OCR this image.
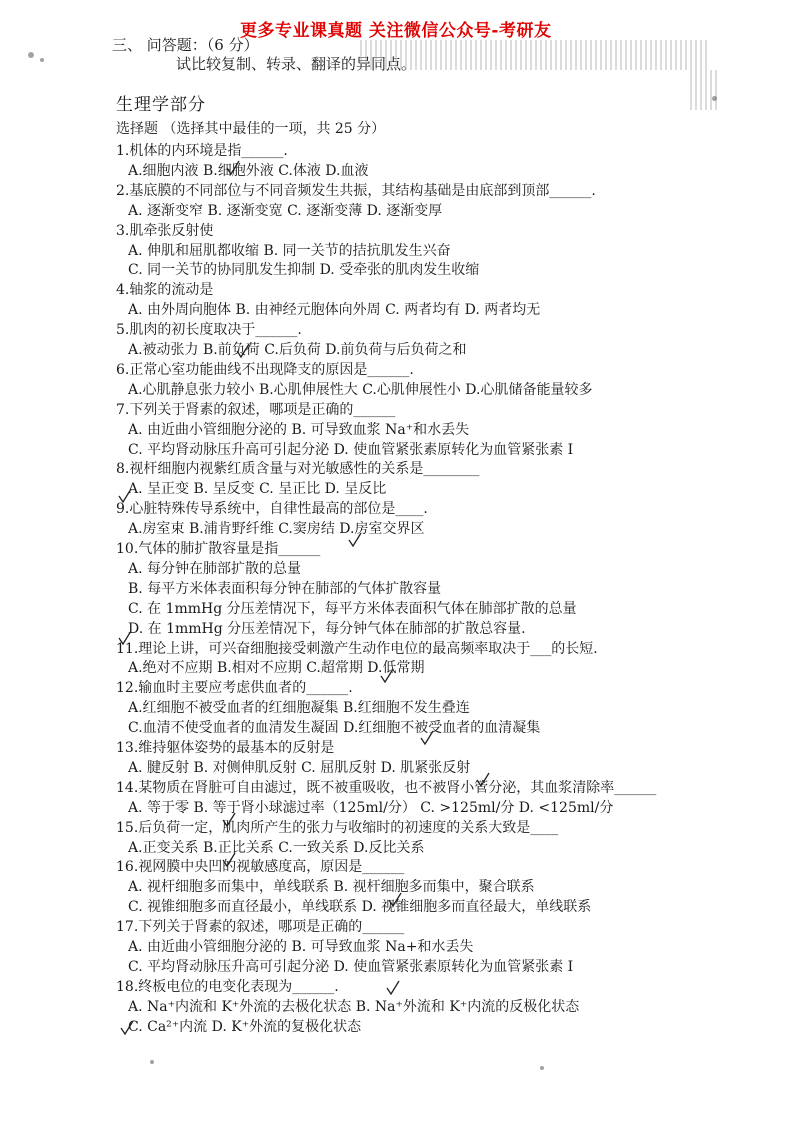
更多专业课真题 关注微信公众号-考研友
三、 问答题：（6 分）
试比较复制、转录、翻译的异同点。
生理学部分
选择题 （选择其中最佳的一项，共 25 分）
1.机体的内环境是指______.
A.细胞内液 B.细胞外液 C.体液 D.血液
2.基底膜的不同部位与不同音频发生共振，其结构基础是由底部到顶部______.
A. 逐渐变窄 B. 逐渐变宽 C. 逐渐变薄 D. 逐渐变厚
3.肌牵张反射使
A. 伸肌和屈肌都收缩 B. 同一关节的拮抗肌发生兴奋
C. 同一关节的协同肌发生抑制 D. 受牵张的肌肉发生收缩
4.轴浆的流动是
A. 由外周向胞体 B. 由神经元胞体向外周 C. 两者均有 D. 两者均无
5.肌肉的初长度取决于______.
A.被动张力 B.前负荷 C.后负荷 D.前负荷与后负荷之和
6.正常心室功能曲线不出现降支的原因是______.
A.心肌静息张力较小 B.心肌伸展性大 C.心肌伸展性小 D.心肌储备能量较多
7.下列关于肾素的叙述，哪项是正确的______
A. 由近曲小管细胞分泌的 B. 可导致血浆 Na⁺和水丢失
C. 平均肾动脉压升高可引起分泌 D. 使血管紧张素原转化为血管紧张素 I
8.视杆细胞内视紫红质含量与对光敏感性的关系是________
A. 呈正变 B. 呈反变 C. 呈正比 D. 呈反比
9.心脏特殊传导系统中，自律性最高的部位是____.
A.房室束 B.浦肯野纤维 C.窦房结 D.房室交界区
10.气体的肺扩散容量是指______
A. 每分钟在肺部扩散的总量
B. 每平方米体表面积每分钟在肺部的气体扩散容量
C. 在 1mmHg 分压差情况下，每平方米体表面积气体在肺部扩散的总量
D. 在 1mmHg 分压差情况下，每分钟气体在肺部的扩散总容量.
11.理论上讲，可兴奋细胞接受刺激产生动作电位的最高频率取决于___的长短.
A.绝对不应期 B.相对不应期 C.超常期 D.低常期
12.输血时主要应考虑供血者的______.
A.红细胞不被受血者的红细胞凝集 B.红细胞不发生叠连
C.血清不使受血者的血清发生凝固 D.红细胞不被受血者的血清凝集
13.维持躯体姿势的最基本的反射是
A. 腱反射 B. 对侧伸肌反射 C. 屈肌反射 D. 肌紧张反射
14.某物质在肾脏可自由滤过，既不被重吸收，也不被肾小管分泌，其血浆清除率______
A. 等于零 B. 等于肾小球滤过率（125ml/分） C. >125ml/分 D. <125ml/分
15.后负荷一定，肌肉所产生的张力与收缩时的初速度的关系大致是____
A.正变关系 B.正比关系 C.一致关系 D.反比关系
16.视网膜中央凹的视敏感度高，原因是______
A. 视杆细胞多而集中，单线联系 B. 视杆细胞多而集中，聚合联系
C. 视锥细胞多而直径最小，单线联系 D. 视锥细胞多而直径最大，单线联系
17.下列关于肾素的叙述，哪项是正确的______
A. 由近曲小管细胞分泌的 B. 可导致血浆 Na+和水丢失
C. 平均肾动脉压升高可引起分泌 D. 使血管紧张素原转化为血管紧张素 I
18.终板电位的电变化表现为______.
A. Na⁺内流和 K⁺外流的去极化状态 B. Na⁺外流和 K⁺内流的反极化状态
C. Ca²⁺内流 D. K⁺外流的复极化状态
